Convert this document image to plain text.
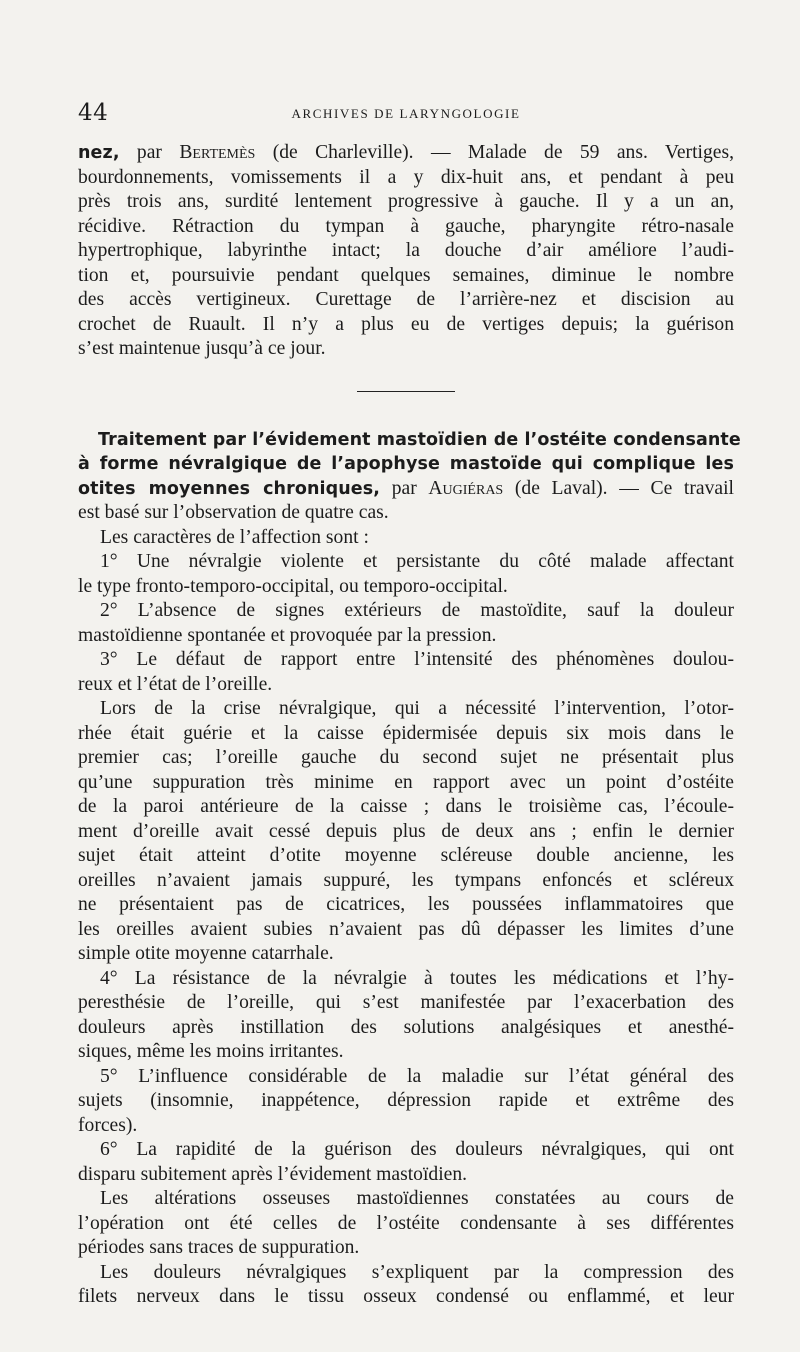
44	ARCHIVES DE LARYNGOLOGIE
nez, par Bertemès (de Charleville). — Malade de 59 ans. Vertiges,
bourdonnements, vomissements il a y dix-huit ans, et pendant à peu
près trois ans, surdité lentement progressive à gauche. Il y a un an,
récidive. Rétraction du tympan à gauche, pharyngite rétro-nasale
hypertrophique, labyrinthe intact; la douche d’air améliore l’audi-
tion et, poursuivie pendant quelques semaines, diminue le nombre
des accès vertigineux. Curettage de l’arrière-nez et discision au
crochet de Ruault. Il n’y a plus eu de vertiges depuis; la guérison
s’est maintenue jusqu’à ce jour.
Traitement par l’évidement mastoïdien de l’ostéite condensante
à forme névralgique de l’apophyse mastoïde qui complique les
otites moyennes chroniques, par Augiéras (de Laval). — Ce travail
est basé sur l’observation de quatre cas.
Les caractères de l’affection sont :
1° Une névralgie violente et persistante du côté malade affectant
le type fronto-temporo-occipital, ou temporo-occipital.
2° L’absence de signes extérieurs de mastoïdite, sauf la douleur
mastoïdienne spontanée et provoquée par la pression.
3° Le défaut de rapport entre l’intensité des phénomènes doulou-
reux et l’état de l’oreille.
Lors de la crise névralgique, qui a nécessité l’intervention, l’otor-
rhée était guérie et la caisse épidermisée depuis six mois dans le
premier cas; l’oreille gauche du second sujet ne présentait plus
qu’une suppuration très minime en rapport avec un point d’ostéite
de la paroi antérieure de la caisse ; dans le troisième cas, l’écoule-
ment d’oreille avait cessé depuis plus de deux ans ; enfin le dernier
sujet était atteint d’otite moyenne scléreuse double ancienne, les
oreilles n’avaient jamais suppuré, les tympans enfoncés et scléreux
ne présentaient pas de cicatrices, les poussées inflammatoires que
les oreilles avaient subies n’avaient pas dû dépasser les limites d’une
simple otite moyenne catarrhale.
4° La résistance de la névralgie à toutes les médications et l’hy-
peresthésie de l’oreille, qui s’est manifestée par l’exacerbation des
douleurs après instillation des solutions analgésiques et anesthé-
siques, même les moins irritantes.
5° L’influence considérable de la maladie sur l’état général des
sujets (insomnie, inappétence, dépression rapide et extrême des
forces).
6° La rapidité de la guérison des douleurs névralgiques, qui ont
disparu subitement après l’évidement mastoïdien.
Les altérations osseuses mastoïdiennes constatées au cours de
l’opération ont été celles de l’ostéite condensante à ses différentes
périodes sans traces de suppuration.
Les douleurs névralgiques s’expliquent par la compression des
filets nerveux dans le tissu osseux condensé ou enflammé, et leur
